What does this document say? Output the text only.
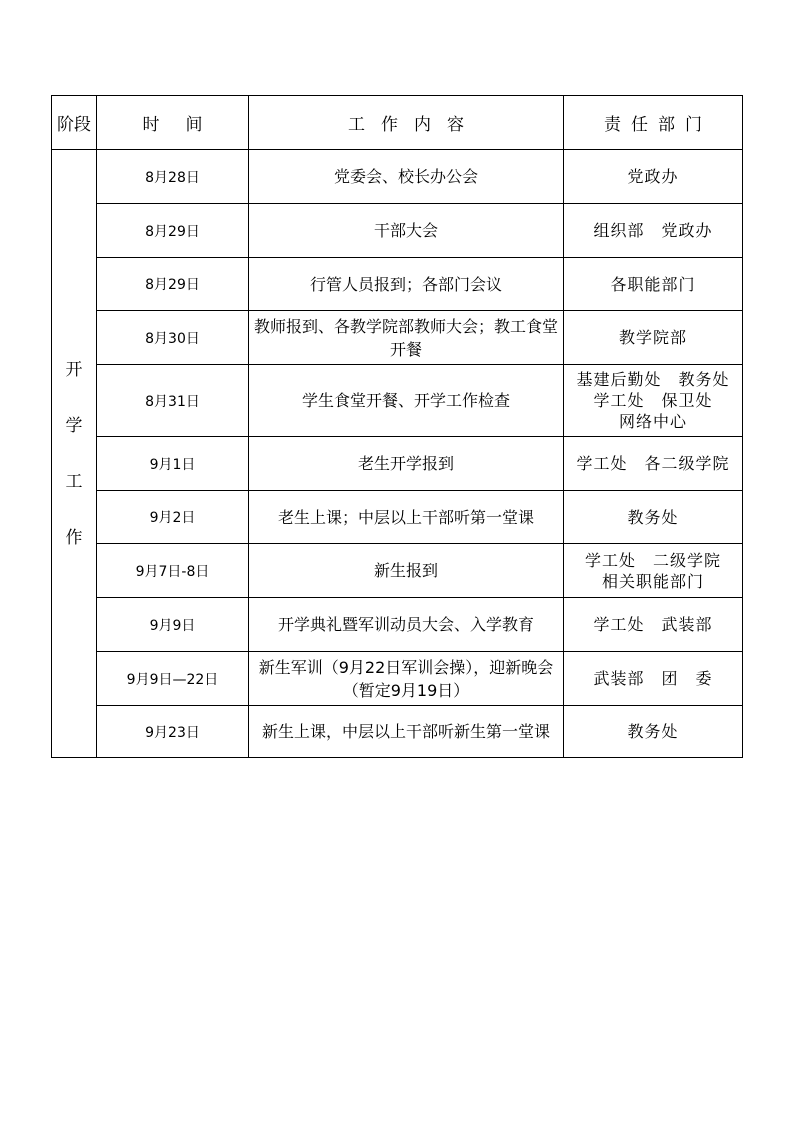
阶段	时间	工作内容	责任部门

开
学
工
作	8月28日	党委会、校长办公会	党政办
	8月29日	干部大会	组织部　党政办
	8月29日	行管人员报到；各部门会议	各职能部门
	8月30日	教师报到、各教学院部教师大会；教工食堂开餐	教学院部
	8月31日	学生食堂开餐、开学工作检查	基建后勤处　教务处
学工处　保卫处
网络中心
	9月1日	老生开学报到	学工处　各二级学院
	9月2日	老生上课；中层以上干部听第一堂课	教务处
	9月7日-8日	新生报到	学工处　二级学院
相关职能部门
	9月9日	开学典礼暨军训动员大会、入学教育	学工处　武装部
	9月9日—22日	新生军训（9月22日军训会操），迎新晚会（暂定9月19日）	武装部　团　委
	9月23日	新生上课，中层以上干部听新生第一堂课	教务处
